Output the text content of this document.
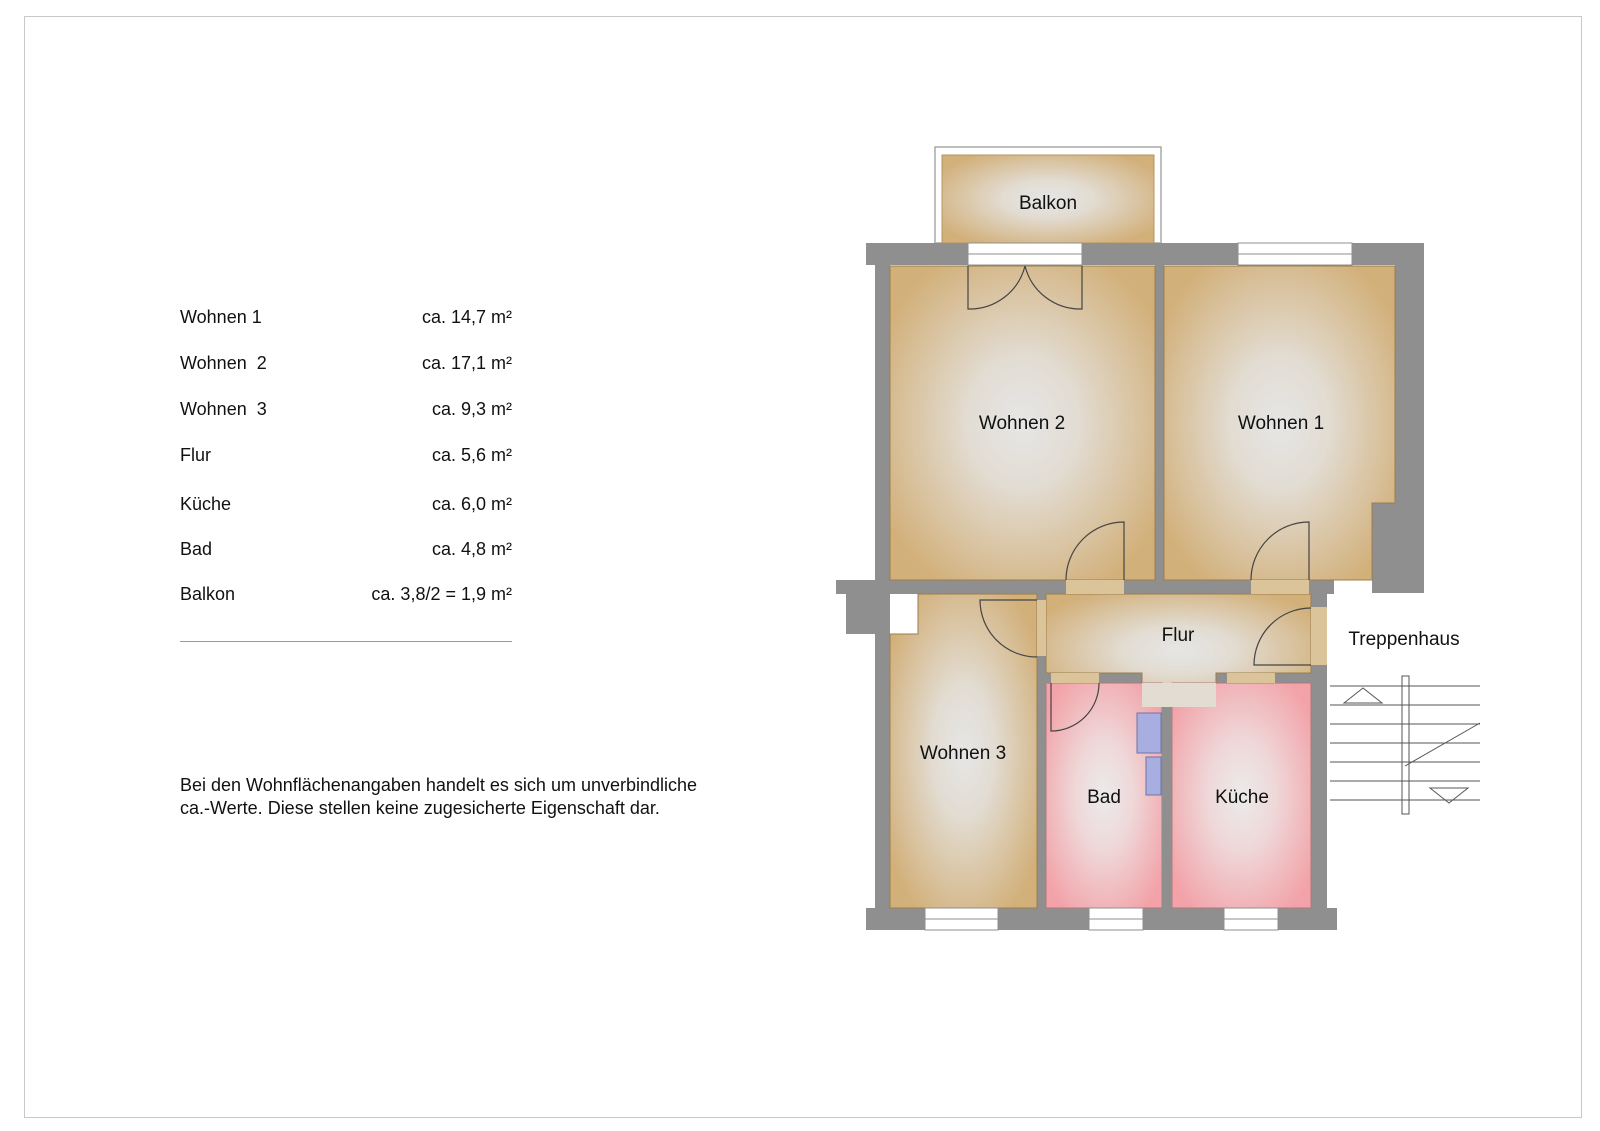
Wohnen 1	ca. 14,7 m²
Wohnen  2	ca. 17,1 m²
Wohnen  3	ca. 9,3 m²
Flur	ca. 5,6 m²
Küche	ca. 6,0 m²
Bad	ca. 4,8 m²
Balkon	ca. 3,8/2 = 1,9 m²
Bei den Wohnflächenangaben handelt es sich um unverbindliche
ca.-Werte. Diese stellen keine zugesicherte Eigenschaft dar.
Balkon
Wohnen 2	Wohnen 1
Flur	Treppenhaus
Wohnen 3
Bad	Küche
